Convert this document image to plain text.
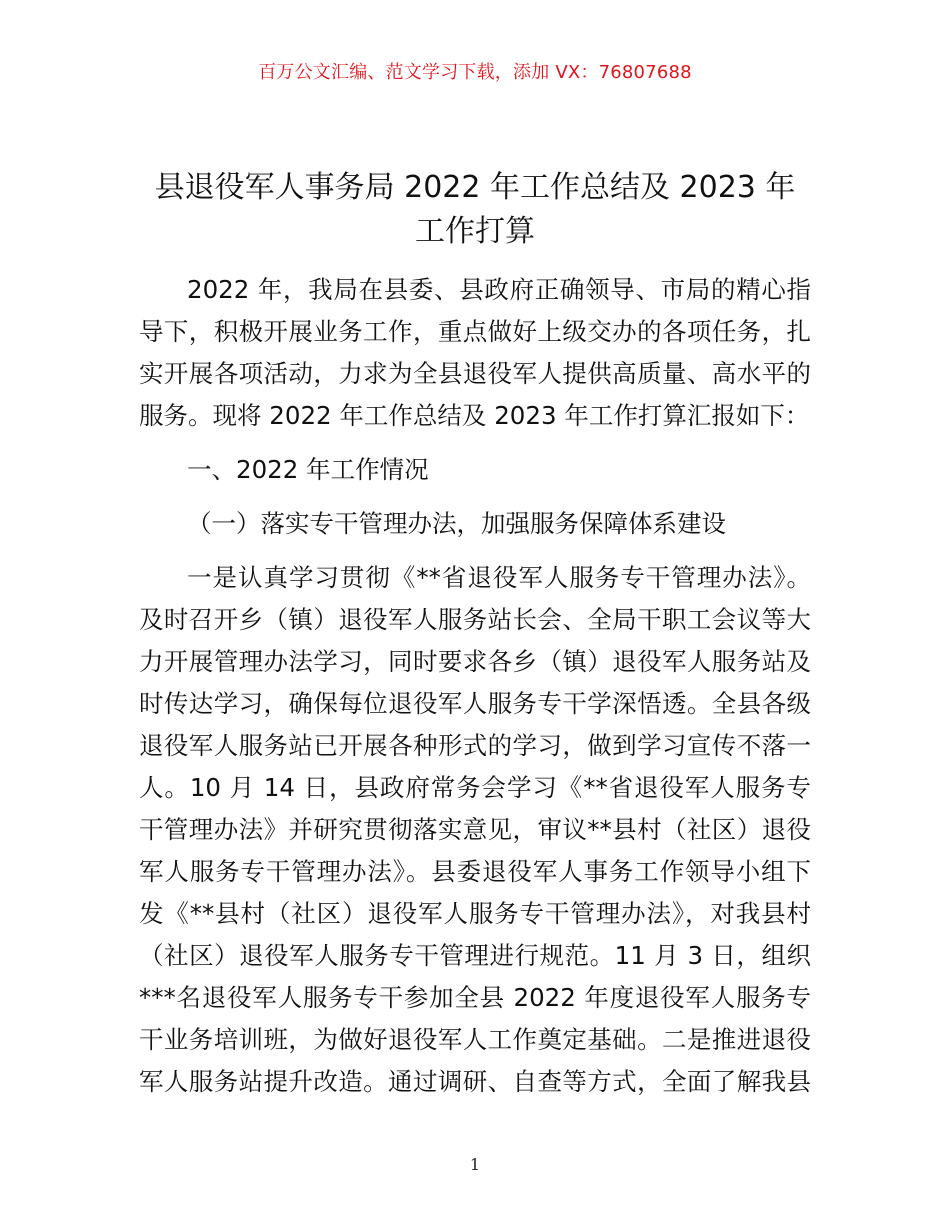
百万公文汇编、范文学习下载，添加 VX：76807688
县退役军人事务局 2022 年工作总结及 2023 年
工作打算
2022 年，我局在县委、县政府正确领导、市局的精心指
导下，积极开展业务工作，重点做好上级交办的各项任务，扎
实开展各项活动，力求为全县退役军人提供高质量、高水平的
服务。现将 2022 年工作总结及 2023 年工作打算汇报如下：
一、2022 年工作情况
（一）落实专干管理办法，加强服务保障体系建设
一是认真学习贯彻《**省退役军人服务专干管理办法》。
及时召开乡（镇）退役军人服务站长会、全局干职工会议等大
力开展管理办法学习，同时要求各乡（镇）退役军人服务站及
时传达学习，确保每位退役军人服务专干学深悟透。全县各级
退役军人服务站已开展各种形式的学习，做到学习宣传不落一
人。10 月 14 日，县政府常务会学习《**省退役军人服务专
干管理办法》并研究贯彻落实意见，审议**县村（社区）退役
军人服务专干管理办法》。县委退役军人事务工作领导小组下
发《**县村（社区）退役军人服务专干管理办法》，对我县村
（社区）退役军人服务专干管理进行规范。11 月 3 日，组织
***名退役军人服务专干参加全县 2022 年度退役军人服务专
干业务培训班，为做好退役军人工作奠定基础。二是推进退役
军人服务站提升改造。通过调研、自查等方式，全面了解我县
1
